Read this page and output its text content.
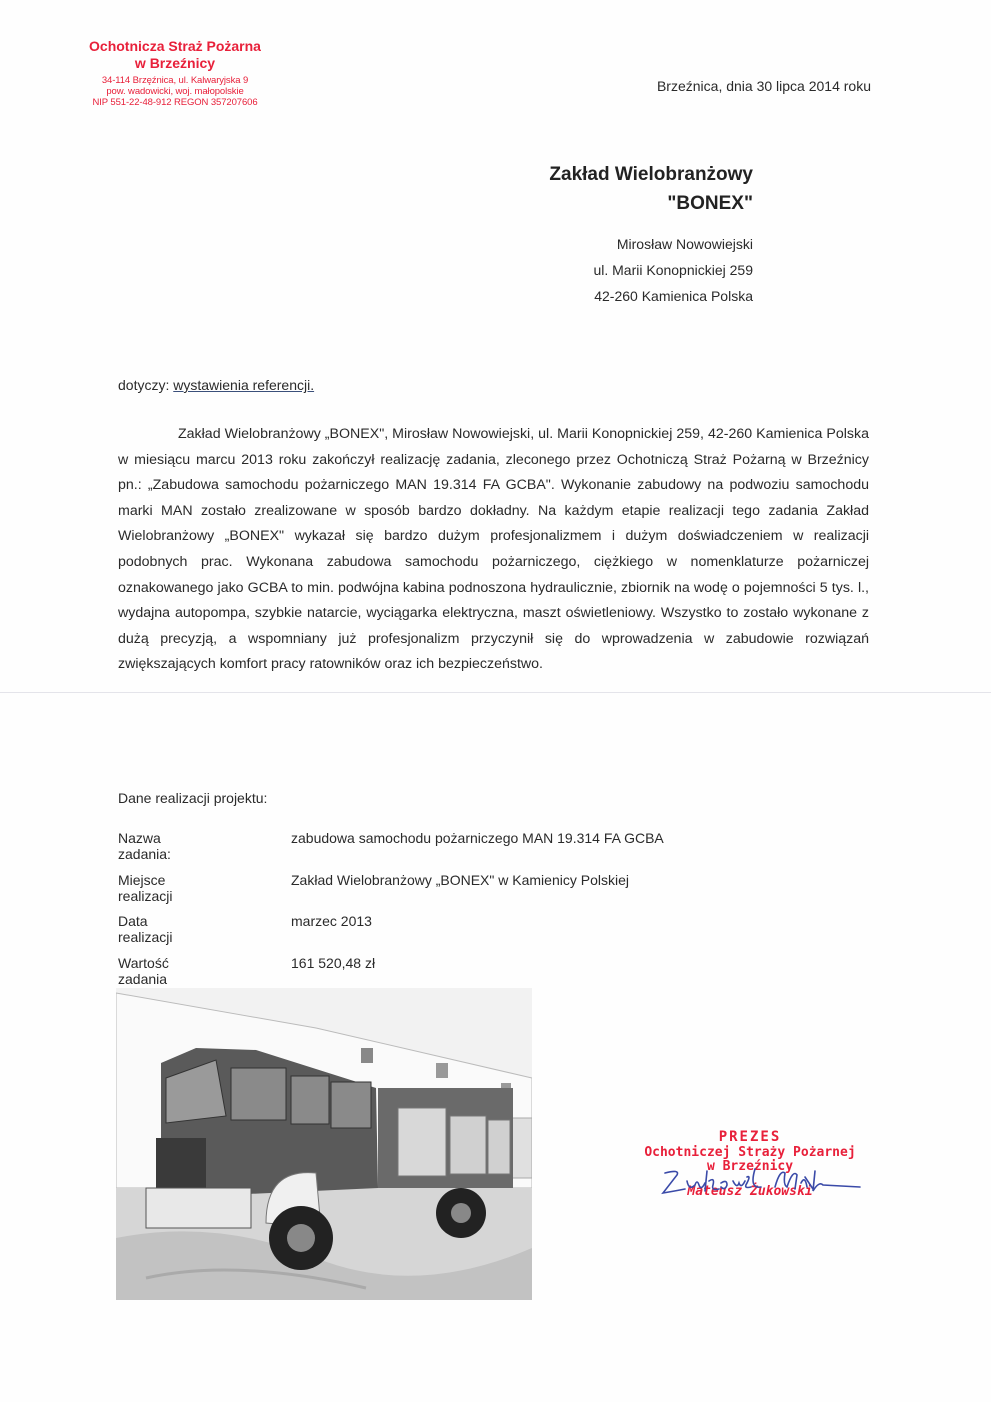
Ochotnicza Straż Pożarna
w Brzeźnicy
34-114 Brzęźnica, ul. Kalwaryjska 9
pow. wadowicki, woj. małopolskie
NIP 551-22-48-912 REGON 357207606
Brzeźnica, dnia 30 lipca 2014 roku
Zakład Wielobranżowy
"BONEX"
Mirosław Nowowiejski
ul. Marii Konopnickiej 259
42-260 Kamienica Polska
dotyczy: wystawienia referencji.
Zakład Wielobranżowy „BONEX", Mirosław Nowowiejski, ul. Marii Konopnickiej 259, 42-260 Kamienica Polska w miesiącu marcu 2013 roku zakończył realizację zadania, zleconego przez Ochotniczą Straż Pożarną w Brzeźnicy pn.: „Zabudowa samochodu pożarniczego MAN 19.314 FA GCBA". Wykonanie zabudowy na podwoziu samochodu marki MAN zostało zrealizowane w sposób bardzo dokładny. Na każdym etapie realizacji tego zadania Zakład Wielobranżowy „BONEX" wykazał się bardzo dużym profesjonalizmem i dużym doświadczeniem w realizacji podobnych prac. Wykonana zabudowa samochodu pożarniczego, ciężkiego w nomenklaturze pożarniczej oznakowanego jako GCBA to min. podwójna kabina podnoszona hydraulicznie, zbiornik na wodę o pojemności 5 tys. l., wydajna autopompa, szybkie natarcie, wyciągarka elektryczna, maszt oświetleniowy. Wszystko to zostało wykonane z dużą precyzją, a wspomniany już profesjonalizm przyczynił się do wprowadzenia w zabudowie rozwiązań zwiększających komfort pracy ratowników oraz ich bezpieczeństwo.
Dane realizacji projektu:
Nazwa zadania:
zabudowa samochodu pożarniczego MAN 19.314 FA GCBA
Miejsce realizacji
Zakład Wielobranżowy „BONEX" w Kamienicy Polskiej
Data realizacji
marzec 2013
Wartość zadania
161 520,48 zł
PREZES
Ochotniczej Straży Pożarnej
w Brzeźnicy
Mateusz Żukowski
